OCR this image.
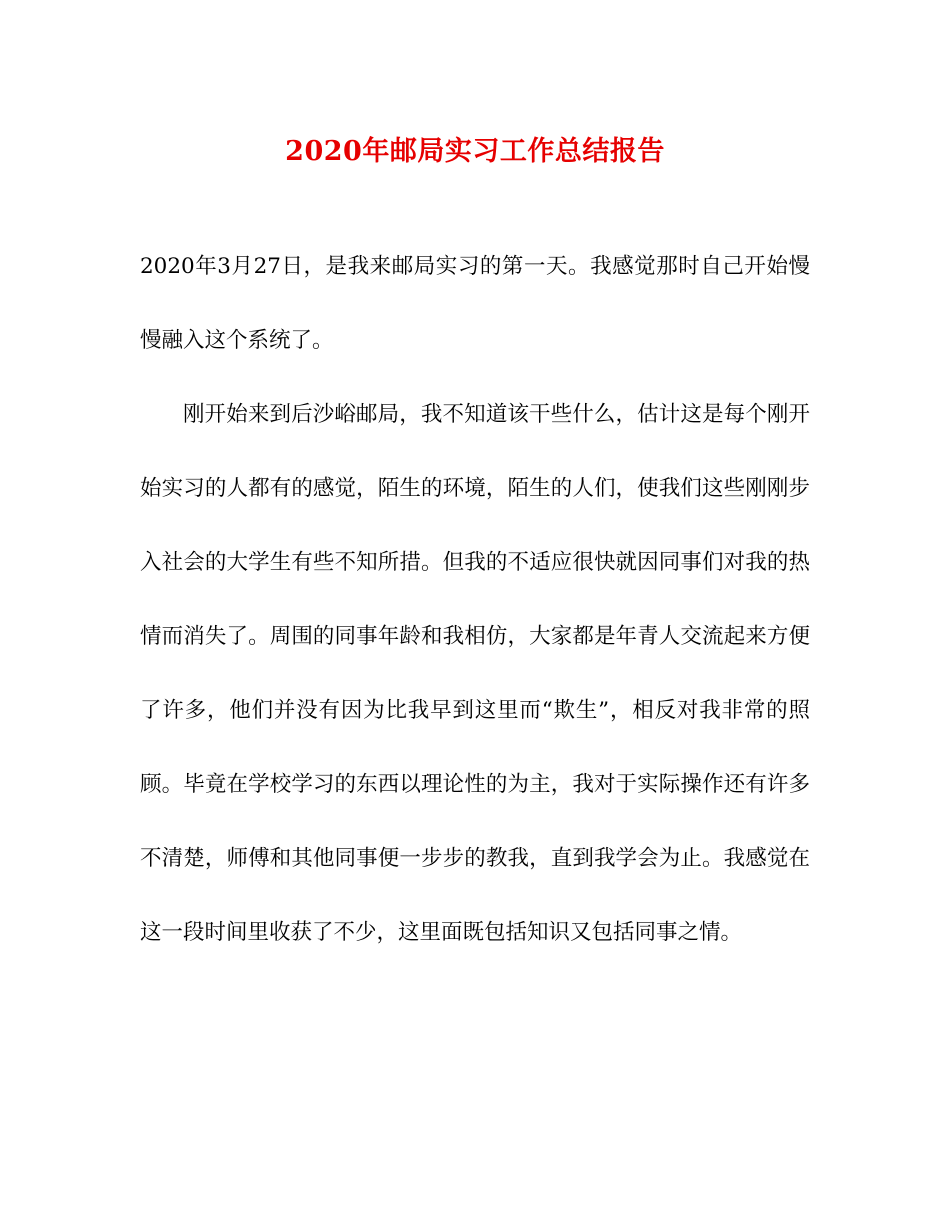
2020年邮局实习工作总结报告

2020年3月27日，是我来邮局实习的第一天。我感觉那时自己开始慢慢融入这个系统了。

刚开始来到后沙峪邮局，我不知道该干些什么，估计这是每个刚开始实习的人都有的感觉，陌生的环境，陌生的人们，使我们这些刚刚步入社会的大学生有些不知所措。但我的不适应很快就因同事们对我的热情而消失了。周围的同事年龄和我相仿，大家都是年青人交流起来方便了许多，他们并没有因为比我早到这里而“欺生”，相反对我非常的照顾。毕竟在学校学习的东西以理论性的为主，我对于实际操作还有许多不清楚，师傅和其他同事便一步步的教我，直到我学会为止。我感觉在这一段时间里收获了不少，这里面既包括知识又包括同事之情。
